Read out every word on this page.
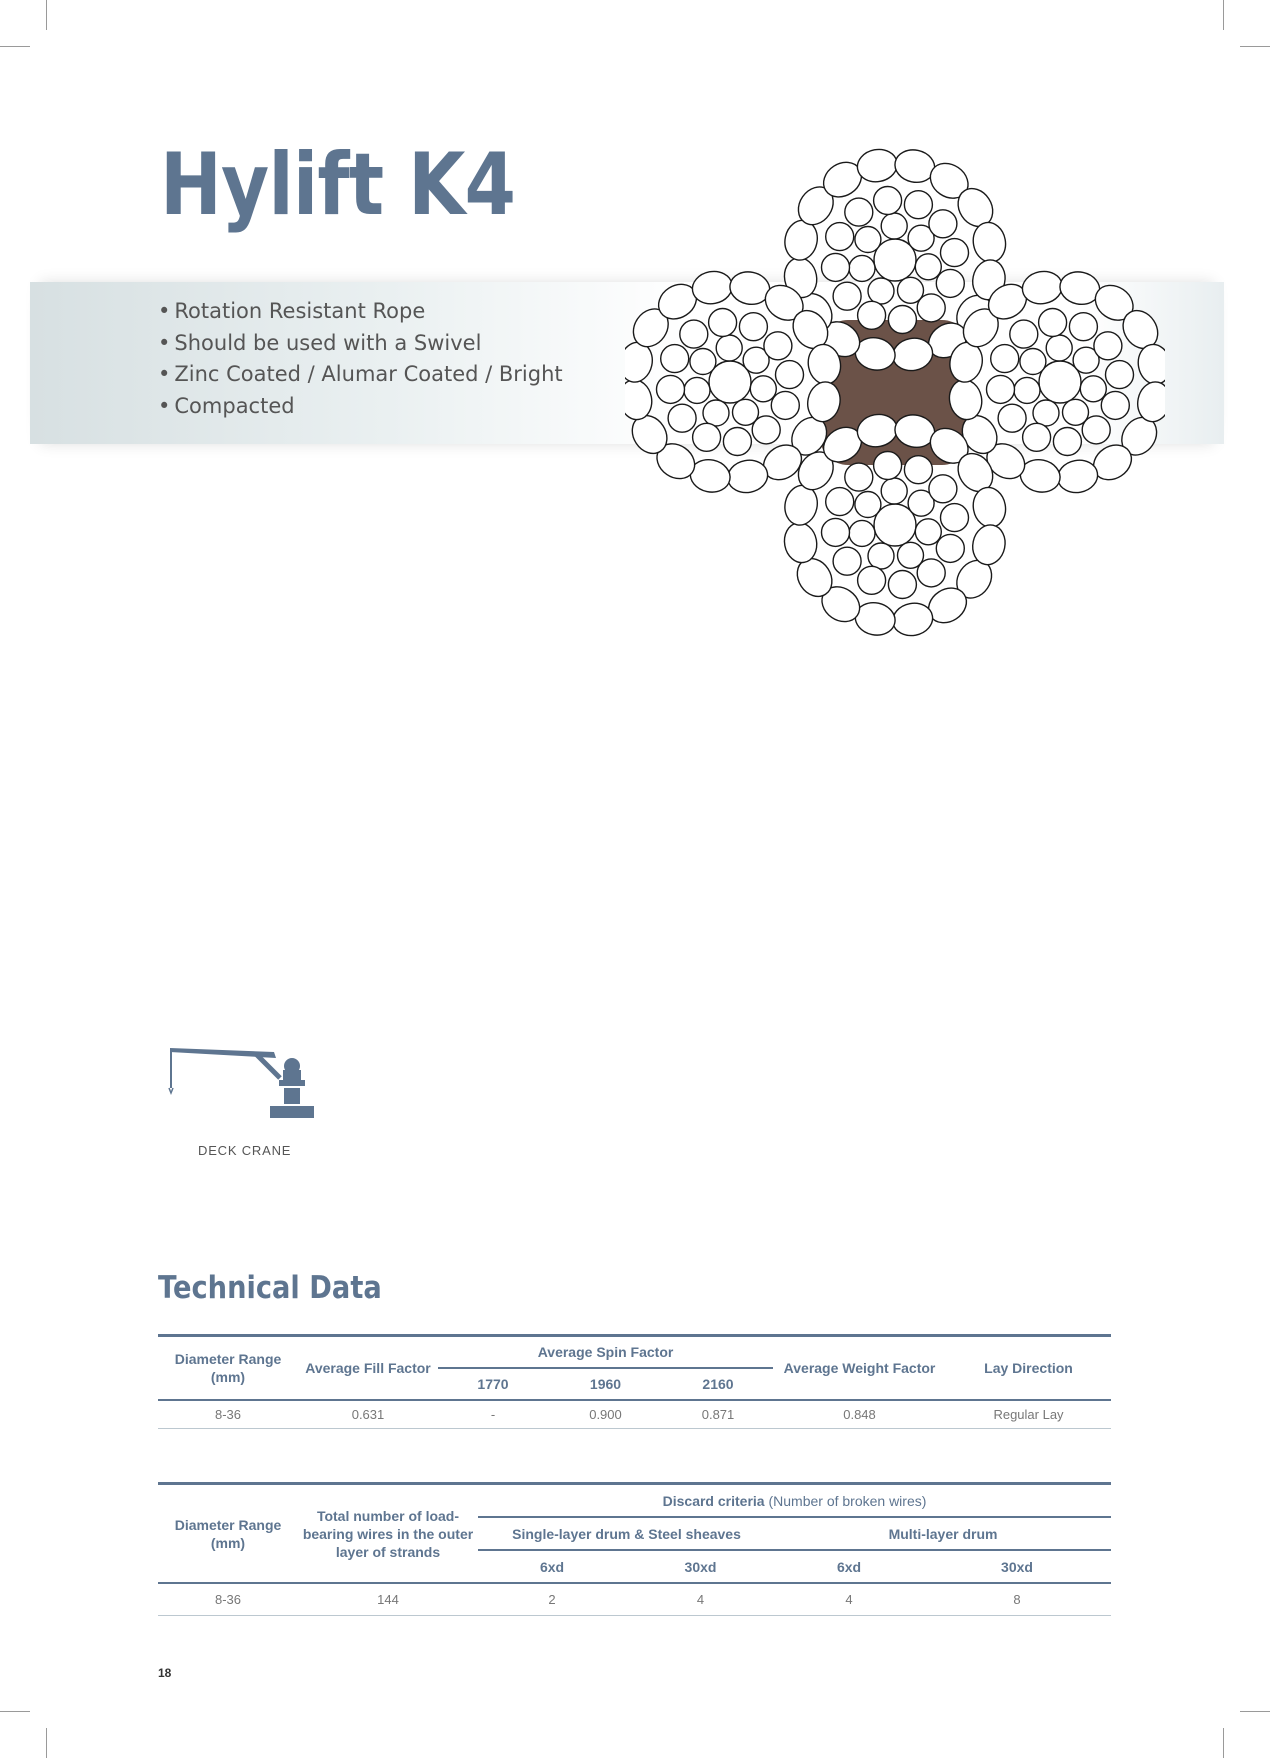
Hylift K4
• Rotation Resistant Rope
• Should be used with a Swivel
• Zinc Coated / Alumar Coated / Bright
• Compacted
DECK CRANE
Technical Data
Diameter Range (mm)	Average Fill Factor	Average Spin Factor			Average Weight Factor	Lay Direction
		1770	1960	2160		
8-36	0.631	-	0.900	0.871	0.848	Regular Lay
Diameter Range (mm)	Total number of load-bearing wires in the outer layer of strands	Discard criteria (Number of broken wires)			
		Single-layer drum & Steel sheaves		Multi-layer drum	
		6xd	30xd	6xd	30xd
8-36	144	2	4	4	8
18
